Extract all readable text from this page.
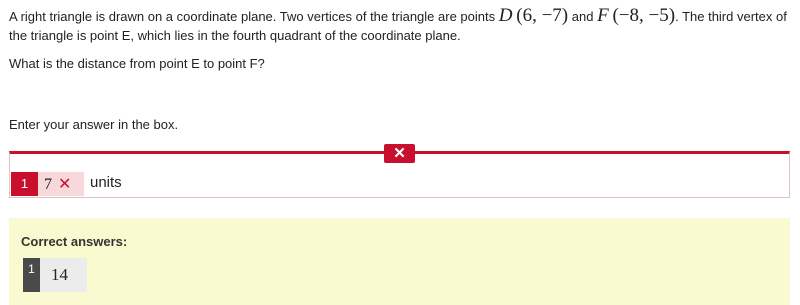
A right triangle is drawn on a coordinate plane. Two vertices of the triangle are points D  (6, −7) and F  (−8, −5). The third vertex of the triangle is point E, which lies in the fourth quadrant of the coordinate plane.
What is the distance from point E to point F?
Enter your answer in the box.
✕
1 7 ✕	units
Correct answers:
1 14
